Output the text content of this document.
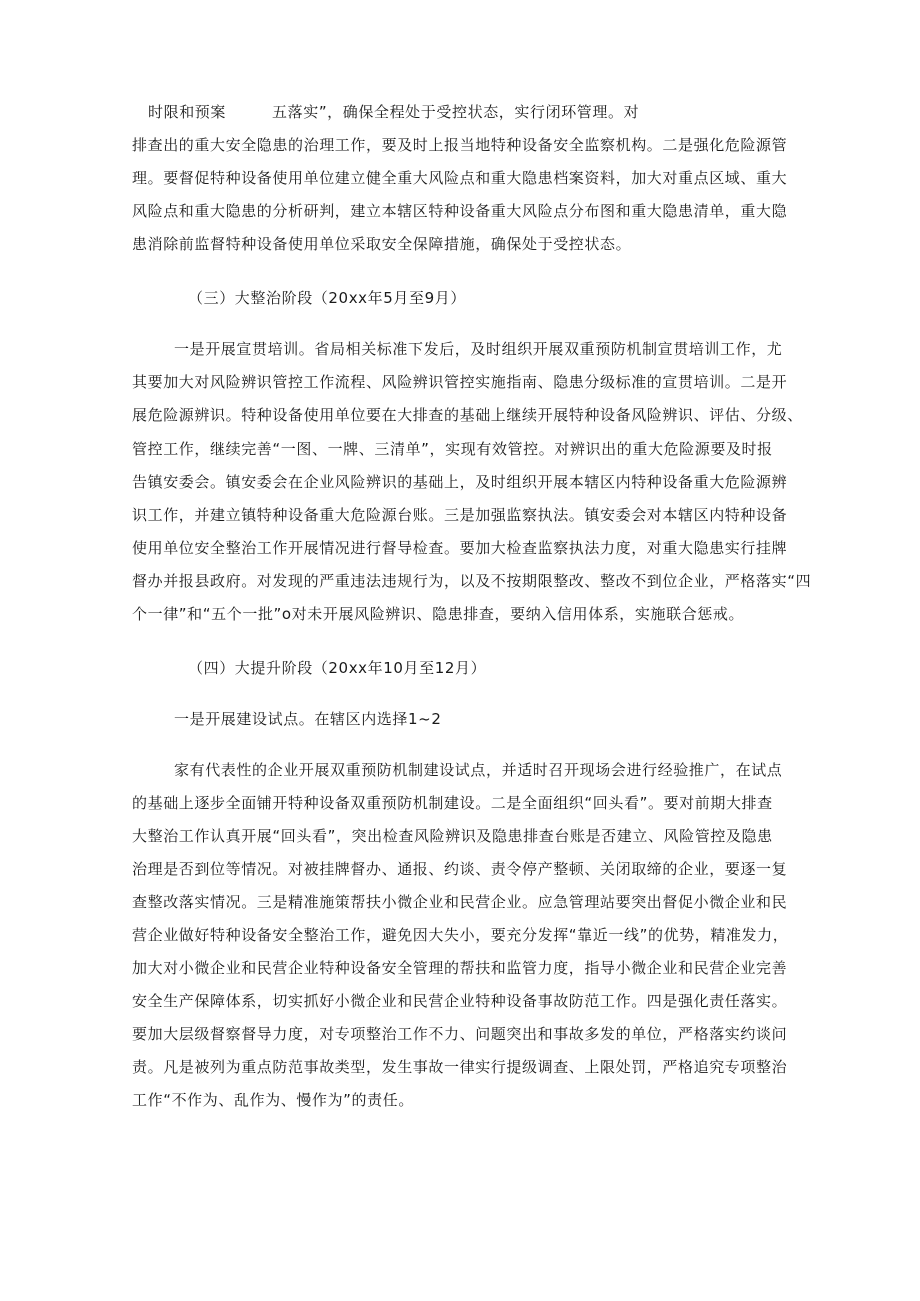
时限和预案	五落实”，确保全程处于受控状态，实行闭环管理。对
排查出的重大安全隐患的治理工作，要及时上报当地特种设备安全监察机构。二是强化危险源管
理。要督促特种设备使用单位建立健全重大风险点和重大隐患档案资料，加大对重点区域、重大
风险点和重大隐患的分析研判，建立本辖区特种设备重大风险点分布图和重大隐患清单，重大隐
患消除前监督特种设备使用单位采取安全保障措施，确保处于受控状态。
（三）大整治阶段（20xx年5月至9月）
一是开展宣贯培训。省局相关标准下发后，及时组织开展双重预防机制宣贯培训工作，尤
其要加大对风险辨识管控工作流程、风险辨识管控实施指南、隐患分级标准的宣贯培训。二是开
展危险源辨识。特种设备使用单位要在大排查的基础上继续开展特种设备风险辨识、评估、分级、
管控工作，继续完善“一图、一牌、三清单”，实现有效管控。对辨识出的重大危险源要及时报
告镇安委会。镇安委会在企业风险辨识的基础上，及时组织开展本辖区内特种设备重大危险源辨
识工作，并建立镇特种设备重大危险源台账。三是加强监察执法。镇安委会对本辖区内特种设备
使用单位安全整治工作开展情况进行督导检查。要加大检查监察执法力度，对重大隐患实行挂牌
督办并报县政府。对发现的严重违法违规行为，以及不按期限整改、整改不到位企业，严格落实“四
个一律”和“五个一批”o对未开展风险辨识、隐患排查，要纳入信用体系，实施联合惩戒。
（四）大提升阶段（20xx年10月至12月）
一是开展建设试点。在辖区内选择1~2
家有代表性的企业开展双重预防机制建设试点，并适时召开现场会进行经验推广，在试点
的基础上逐步全面铺开特种设备双重预防机制建设。二是全面组织“回头看”。要对前期大排查
大整治工作认真开展“回头看”，突出检查风险辨识及隐患排查台账是否建立、风险管控及隐患
治理是否到位等情况。对被挂牌督办、通报、约谈、责令停产整顿、关闭取缔的企业，要逐一复
查整改落实情况。三是精准施策帮扶小微企业和民营企业。应急管理站要突出督促小微企业和民
营企业做好特种设备安全整治工作，避免因大失小，要充分发挥“靠近一线”的优势，精准发力，
加大对小微企业和民营企业特种设备安全管理的帮扶和监管力度，指导小微企业和民营企业完善
安全生产保障体系，切实抓好小微企业和民营企业特种设备事故防范工作。四是强化责任落实。
要加大层级督察督导力度，对专项整治工作不力、问题突出和事故多发的单位，严格落实约谈问
责。凡是被列为重点防范事故类型，发生事故一律实行提级调查、上限处罚，严格追究专项整治
工作“不作为、乱作为、慢作为”的责任。
